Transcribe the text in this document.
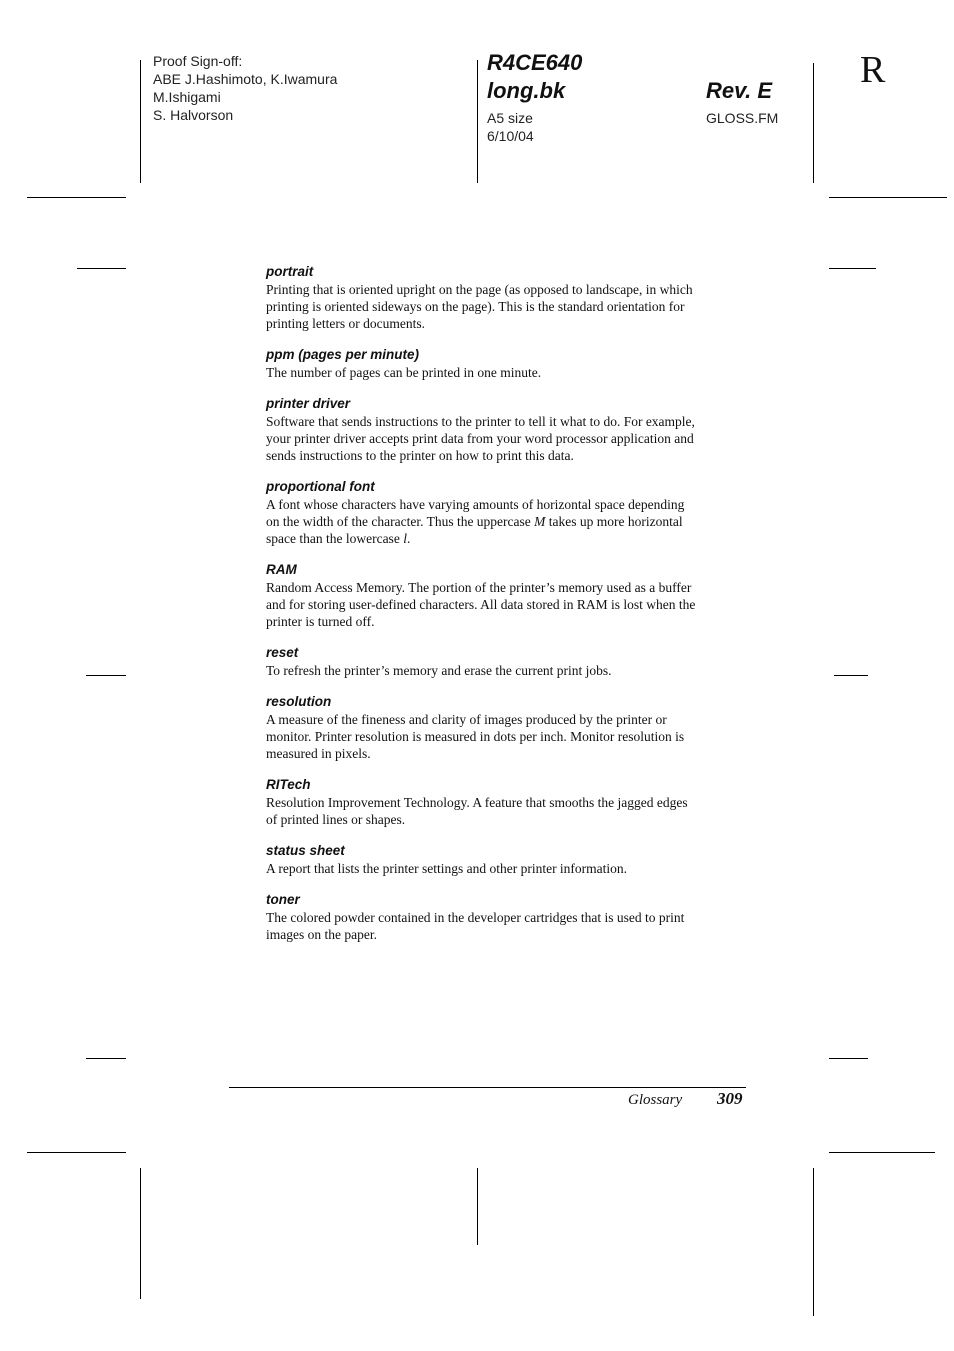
Proof Sign-off:
ABE J.Hashimoto, K.Iwamura
M.Ishigami
S. Halvorson
R4CE640
long.bk	Rev. E
A5 size
6/10/04
GLOSS.FM
R
portrait
Printing that is oriented upright on the page (as opposed to landscape, in which
printing is oriented sideways on the page). This is the standard orientation for
printing letters or documents.
ppm (pages per minute)
The number of pages can be printed in one minute.
printer driver
Software that sends instructions to the printer to tell it what to do. For example,
your printer driver accepts print data from your word processor application and
sends instructions to the printer on how to print this data.
proportional font
A font whose characters have varying amounts of horizontal space depending
on the width of the character. Thus the uppercase M takes up more horizontal
space than the lowercase l.
RAM
Random Access Memory. The portion of the printer’s memory used as a buffer
and for storing user-defined characters. All data stored in RAM is lost when the
printer is turned off.
reset
To refresh the printer’s memory and erase the current print jobs.
resolution
A measure of the fineness and clarity of images produced by the printer or
monitor. Printer resolution is measured in dots per inch. Monitor resolution is
measured in pixels.
RITech
Resolution Improvement Technology. A feature that smooths the jagged edges
of printed lines or shapes.
status sheet
A report that lists the printer settings and other printer information.
toner
The colored powder contained in the developer cartridges that is used to print
images on the paper.
Glossary 309
